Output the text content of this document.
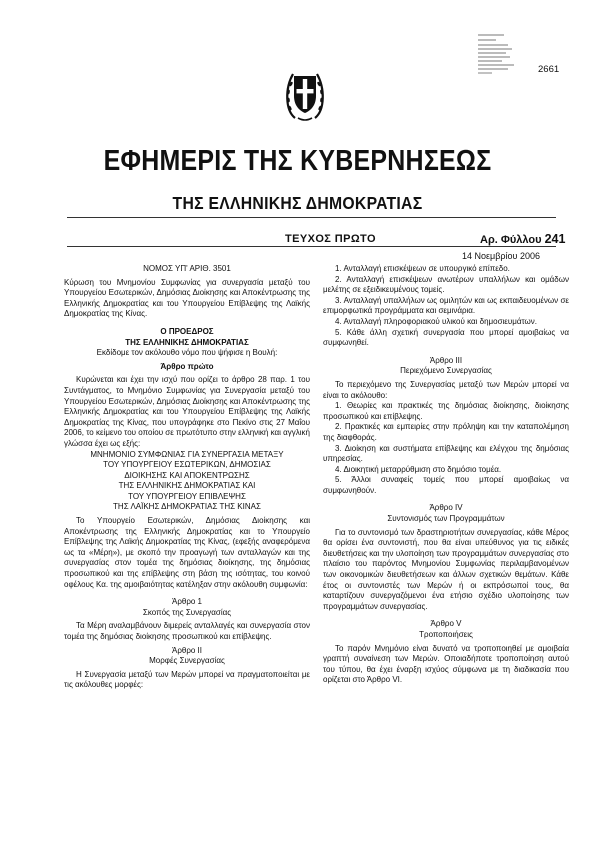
2661
ΕΦΗΜΕΡΙΣ ΤΗΣ ΚΥΒΕΡΝΗΣΕΩΣ
ΤΗΣ ΕΛΛΗΝΙΚΗΣ ΔΗΜΟΚΡΑΤΙΑΣ
ΤΕΥΧΟΣ ΠΡΩΤΟ	Αρ. Φύλλου 241
14 Νοεμβρίου 2006

ΝΟΜΟΣ ΥΠ' ΑΡΙΘ. 3501

Κύρωση του Μνημονίου Συμφωνίας για συνεργασία μεταξύ του Υπουργείου Εσωτερικών, Δημόσιας Διοίκησης και Αποκέντρωσης της Ελληνικής Δημοκρατίας και του Υπουργείου Επίβλεψης της Λαϊκής Δημοκρατίας της Κίνας.

Ο ΠΡΟΕΔΡΟΣ

ΤΗΣ ΕΛΛΗΝΙΚΗΣ ΔΗΜΟΚΡΑΤΙΑΣ

Εκδίδομε τον ακόλουθο νόμο που ψήφισε η Βουλή:

Άρθρο πρώτο

Κυρώνεται και έχει την ισχύ που ορίζει το άρθρο 28 παρ. 1 του Συντάγματος, το Μνημόνιο Συμφωνίας για Συνεργασία μεταξύ του Υπουργείου Εσωτερικών, Δημόσιας Διοίκησης και Αποκέντρωσης της Ελληνικής Δημοκρατίας και του Υπουργείου Επίβλεψης της Λαϊκής Δημοκρατίας της Κίνας, που υπογράφηκε στο Πεκίνο στις 27 Μαΐου 2006, το κείμενο του οποίου σε πρωτότυπο στην ελληνική και αγγλική γλώσσα έχει ως εξής:

ΜΝΗΜΟΝΙΟ ΣΥΜΦΩΝΙΑΣ ΓΙΑ ΣΥΝΕΡΓΑΣΙΑ ΜΕΤΑΞΥ

ΤΟΥ ΥΠΟΥΡΓΕΙΟΥ ΕΣΩΤΕΡΙΚΩΝ, ΔΗΜΟΣΙΑΣ

ΔΙΟΙΚΗΣΗΣ ΚΑΙ ΑΠΟΚΕΝΤΡΩΣΗΣ

ΤΗΣ ΕΛΛΗΝΙΚΗΣ ΔΗΜΟΚΡΑΤΙΑΣ ΚΑΙ

ΤΟΥ ΥΠΟΥΡΓΕΙΟΥ ΕΠΙΒΛΕΨΗΣ

ΤΗΣ ΛΑΪΚΗΣ ΔΗΜΟΚΡΑΤΙΑΣ ΤΗΣ ΚΙΝΑΣ

Το Υπουργείο Εσωτερικών, Δημόσιας Διοίκησης και Αποκέντρωσης της Ελληνικής Δημοκρατίας και το Υπουργείο Επίβλεψης της Λαϊκής Δημοκρατίας της Κίνας, (εφεξής αναφερόμενα ως τα «Μέρη»), με σκοπό την προαγωγή των ανταλλαγών και της συνεργασίας στον τομέα της δημόσιας διοίκησης, της δημόσιας προσωπικού και της επίβλεψης στη βάση της ισότητας, του κοινού οφέλους Κα. της αμοιβαιότητας κατέληξαν στην ακόλουθη συμφωνία:

Άρθρο 1

Σκοπός της Συνεργασίας

Τα Μέρη αναλαμβάνουν διμερείς ανταλλαγές και συνεργασία στον τομέα της δημόσιας διοίκησης προσωπικού και επίβλεψης.

Άρθρο ΙΙ

Μορφές Συνεργασίας

Η Συνεργασία μεταξύ των Μερών μπορεί να πραγματοποιείται με τις ακόλουθες μορφές:

1. Ανταλλαγή επισκέψεων σε υπουργικό επίπεδο.

2. Ανταλλαγή επισκέψεων ανωτέρων υπαλλήλων και ομάδων μελέτης σε εξειδικευμένους τομείς.

3. Ανταλλαγή υπαλλήλων ως ομιλητών και ως εκπαιδευομένων σε επιμορφωτικά προγράμματα και σεμινάρια.

4. Ανταλλαγή πληροφοριακού υλικού και δημοσιευμάτων.

5. Κάθε άλλη σχετική συνεργασία που μπορεί αμοιβαίως να συμφωνηθεί.

Άρθρο ΙΙΙ

Περιεχόμενο Συνεργασίας

Το περιεχόμενο της Συνεργασίας μεταξύ των Μερών μπορεί να είναι το ακόλουθο:

1. Θεωρίες και πρακτικές της δημόσιας διοίκησης, διοίκησης προσωπικού και επίβλεψης.

2. Πρακτικές και εμπειρίες στην πρόληψη και την καταπολέμηση της διαφθοράς.

3. Διοίκηση και συστήματα επίβλεψης και ελέγχου της δημόσιας υπηρεσίας.

4. Διοικητική μεταρρύθμιση στο δημόσιο τομέα.

5. Άλλοι συναφείς τομείς που μπορεί αμοιβαίως να συμφωνηθούν.

Άρθρο IV

Συντονισμός των Προγραμμάτων

Για το συντονισμό των δραστηριοτήτων συνεργασίας, κάθε Μέρος θα ορίσει ένα συντονιστή, που θα είναι υπεύθυνος για τις ειδικές διευθετήσεις και την υλοποίηση των προγραμμάτων συνεργασίας στο πλαίσιο του παρόντος Μνημονίου Συμφωνίας περιλαμβανομένων των οικονομικών διευθετήσεων και άλλων σχετικών θεμάτων. Κάθε έτος οι συντονιστές των Μερών ή οι εκπρόσωποί τους, θα καταρτίζουν συνεργαζόμενοι ένα ετήσιο σχέδιο υλοποίησης των προγραμμάτων συνεργασίας.

Άρθρο V

Τροποποιήσεις

Το παρόν Μνημόνιο είναι δυνατό να τροποποιηθεί με αμοιβαία γραπτή συναίνεση των Μερών. Οποιαδήποτε τροποποίηση αυτού του τύπου, θα έχει έναρξη ισχύος σύμφωνα με τη διαδικασία που ορίζεται στο Άρθρο VI.
